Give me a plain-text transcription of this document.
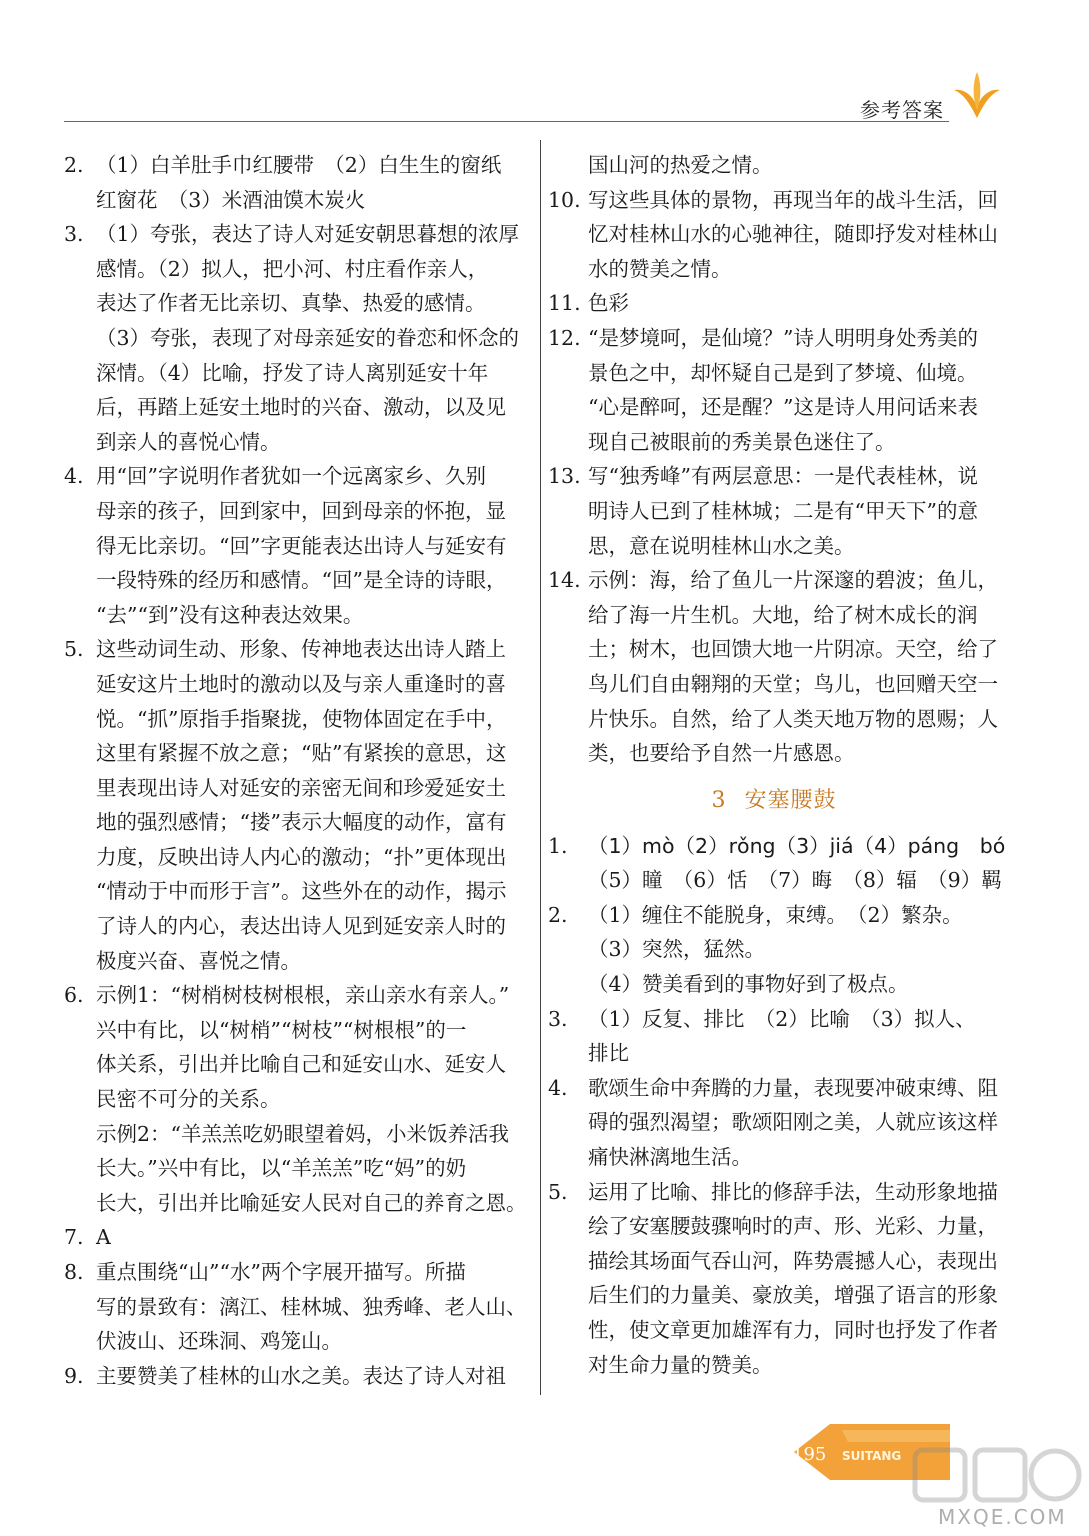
参考答案
2. （1）白羊肚手巾红腰带　（2）白生生的窗纸
红窗花　（3）米酒油馍木炭火
3. （1）夸张，表达了诗人对延安朝思暮想的浓厚
感情。（2）拟人，把小河、村庄看作亲人，
表达了作者无比亲切、真挚、热爱的感情。
（3）夸张，表现了对母亲延安的眷恋和怀念的
深情。（4）比喻，抒发了诗人离别延安十年
后，再踏上延安土地时的兴奋、激动，以及见
到亲人的喜悦心情。
4. 用“回”字说明作者犹如一个远离家乡、久别
母亲的孩子，回到家中，回到母亲的怀抱，显
得无比亲切。“回”字更能表达出诗人与延安有
一段特殊的经历和感情。“回”是全诗的诗眼，
“去”“到”没有这种表达效果。
5. 这些动词生动、形象、传神地表达出诗人踏上
延安这片土地时的激动以及与亲人重逢时的喜
悦。“抓”原指手指聚拢，使物体固定在手中，
这里有紧握不放之意；“贴”有紧挨的意思，这
里表现出诗人对延安的亲密无间和珍爱延安土
地的强烈感情；“搂”表示大幅度的动作，富有
力度，反映出诗人内心的激动；“扑”更体现出
“情动于中而形于言”。这些外在的动作，揭示
了诗人的内心，表达出诗人见到延安亲人时的
极度兴奋、喜悦之情。
6. 示例1：“树梢树枝树根根，亲山亲水有亲人。”
兴中有比，以“树梢”“树枝”“树根根”的一
体关系，引出并比喻自己和延安山水、延安人
民密不可分的关系。
示例2：“羊羔羔吃奶眼望着妈，小米饭养活我
长大。”兴中有比，以“羊羔羔”吃“妈”的奶
长大，引出并比喻延安人民对自己的养育之恩。
7. A
8. 重点围绕“山”“水”两个字展开描写。所描
写的景致有：漓江、桂林城、独秀峰、老人山、
伏波山、还珠洞、鸡笼山。
9. 主要赞美了桂林的山水之美。表达了诗人对祖
国山河的热爱之情。
10. 写这些具体的景物，再现当年的战斗生活，回
忆对桂林山水的心驰神往，随即抒发对桂林山
水的赞美之情。
11. 色彩
12. “是梦境呵，是仙境？”诗人明明身处秀美的
景色之中，却怀疑自己是到了梦境、仙境。
“心是醉呵，还是醒？”这是诗人用问话来表
现自己被眼前的秀美景色迷住了。
13. 写“独秀峰”有两层意思：一是代表桂林，说
明诗人已到了桂林城；二是有“甲天下”的意
思，意在说明桂林山水之美。
14. 示例：海，给了鱼儿一片深邃的碧波；鱼儿，
给了海一片生机。大地，给了树木成长的润
土；树木，也回馈大地一片阴凉。天空，给了
鸟儿们自由翱翔的天堂；鸟儿，也回赠天空一
片快乐。自然，给了人类天地万物的恩赐；人
类，也要给予自然一片感恩。
3 安塞腰鼓
1. （1）mò（2）rǒng（3）jiá（4）páng　bó
（5）瞳　（6）恬　（7）晦　（8）辐　（9）羁
2. （1）缠住不能脱身，束缚。　（2）繁杂。
（3）突然，猛然。
（4）赞美看到的事物好到了极点。
3. （1）反复、排比　（2）比喻　（3）拟人、
排比
4. 歌颂生命中奔腾的力量，表现要冲破束缚、阻
碍的强烈渴望；歌颂阳刚之美，人就应该这样
痛快淋漓地生活。
5. 运用了比喻、排比的修辞手法，生动形象地描
绘了安塞腰鼓骤响时的声、形、光彩、力量，
描绘其场面气吞山河，阵势震撼人心，表现出
后生们的力量美、豪放美，增强了语言的形象
性，使文章更加雄浑有力，同时也抒发了作者
对生命力量的赞美。
195 SUITANG
MXQE.COM
